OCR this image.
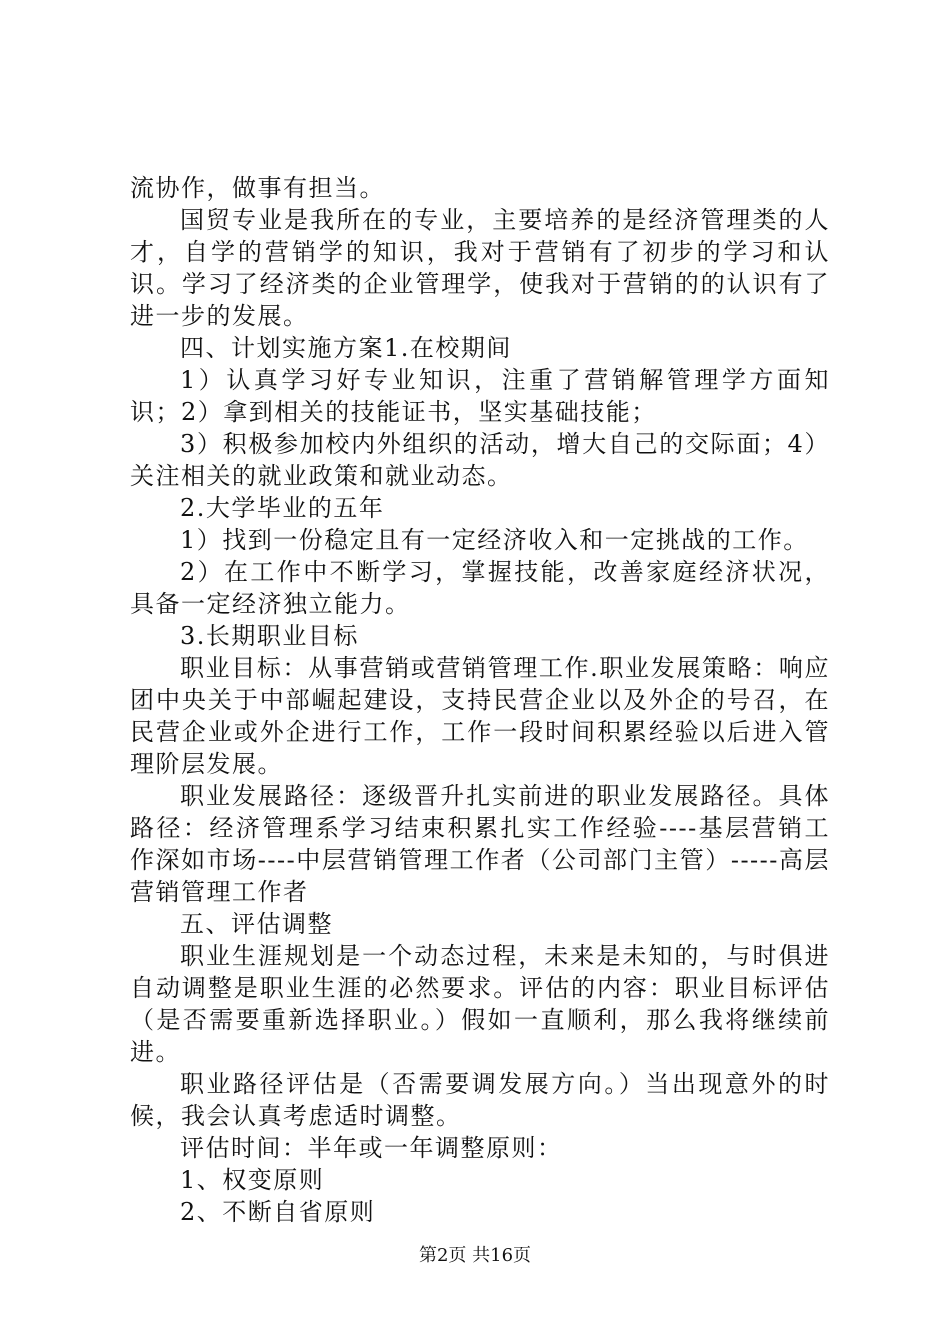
流协作，做事有担当。

国贸专业是我所在的专业，主要培养的是经济管理类的人才，自学的营销学的知识，我对于营销有了初步的学习和认识。学习了经济类的企业管理学，使我对于营销的的认识有了进一步的发展。

四、计划实施方案1.在校期间

1）认真学习好专业知识，注重了营销解管理学方面知识；2）拿到相关的技能证书，坚实基础技能；

3）积极参加校内外组织的活动，增大自己的交际面；4）关注相关的就业政策和就业动态。

2.大学毕业的五年

1）找到一份稳定且有一定经济收入和一定挑战的工作。

2）在工作中不断学习，掌握技能，改善家庭经济状况，具备一定经济独立能力。

3.长期职业目标

职业目标：从事营销或营销管理工作.职业发展策略：响应团中央关于中部崛起建设，支持民营企业以及外企的号召，在民营企业或外企进行工作，工作一段时间积累经验以后进入管理阶层发展。

职业发展路径：逐级晋升扎实前进的职业发展路径。具体路径：经济管理系学习结束积累扎实工作经验----基层营销工作深如市场----中层营销管理工作者（公司部门主管）-----高层营销管理工作者

五、评估调整

职业生涯规划是一个动态过程，未来是未知的，与时俱进自动调整是职业生涯的必然要求。评估的内容：职业目标评估（是否需要重新选择职业。）假如一直顺利，那么我将继续前进。

职业路径评估是（否需要调发展方向。）当出现意外的时候，我会认真考虑适时调整。

评估时间：半年或一年调整原则：

1、权变原则

2、不断自省原则

第2页 共16页
